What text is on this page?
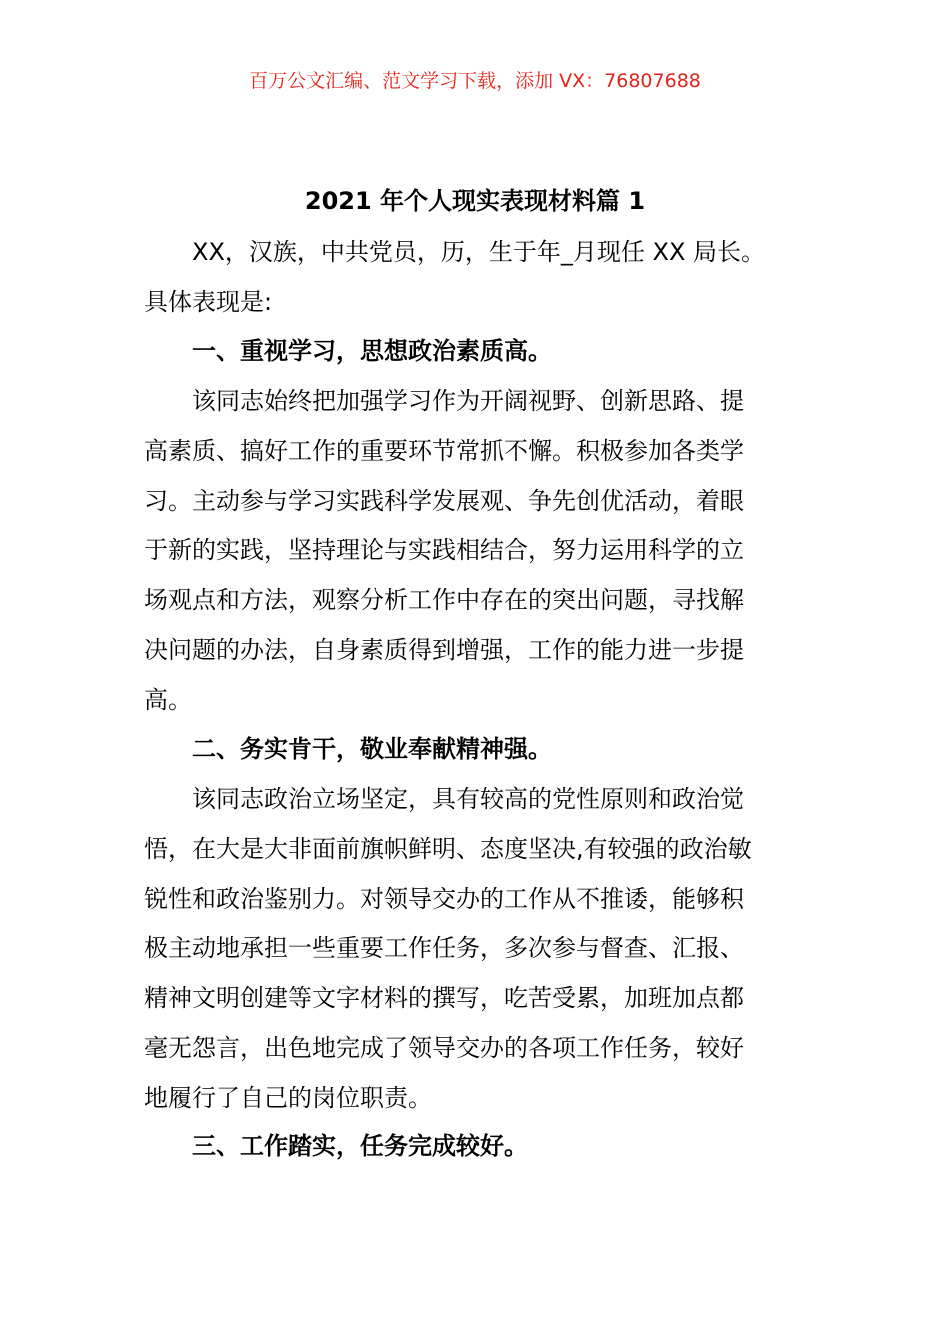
百万公文汇编、范文学习下载，添加 VX：76807688
2021 年个人现实表现材料篇 1
XX，汉族，中共党员，历，生于年_月现任 XX 局长。
具体表现是:
一、重视学习，思想政治素质高。
该同志始终把加强学习作为开阔视野、创新思路、提
高素质、搞好工作的重要环节常抓不懈。积极参加各类学
习。主动参与学习实践科学发展观、争先创优活动，着眼
于新的实践，坚持理论与实践相结合，努力运用科学的立
场观点和方法，观察分析工作中存在的突出问题，寻找解
决问题的办法，自身素质得到增强，工作的能力进一步提
高。
二、务实肯干，敬业奉献精神强。
该同志政治立场坚定，具有较高的党性原则和政治觉
悟，在大是大非面前旗帜鲜明、态度坚决,有较强的政治敏
锐性和政治鉴别力。对领导交办的工作从不推诿，能够积
极主动地承担一些重要工作任务，多次参与督查、汇报、
精神文明创建等文字材料的撰写，吃苦受累，加班加点都
毫无怨言，出色地完成了领导交办的各项工作任务，较好
地履行了自己的岗位职责。
三、工作踏实，任务完成较好。
